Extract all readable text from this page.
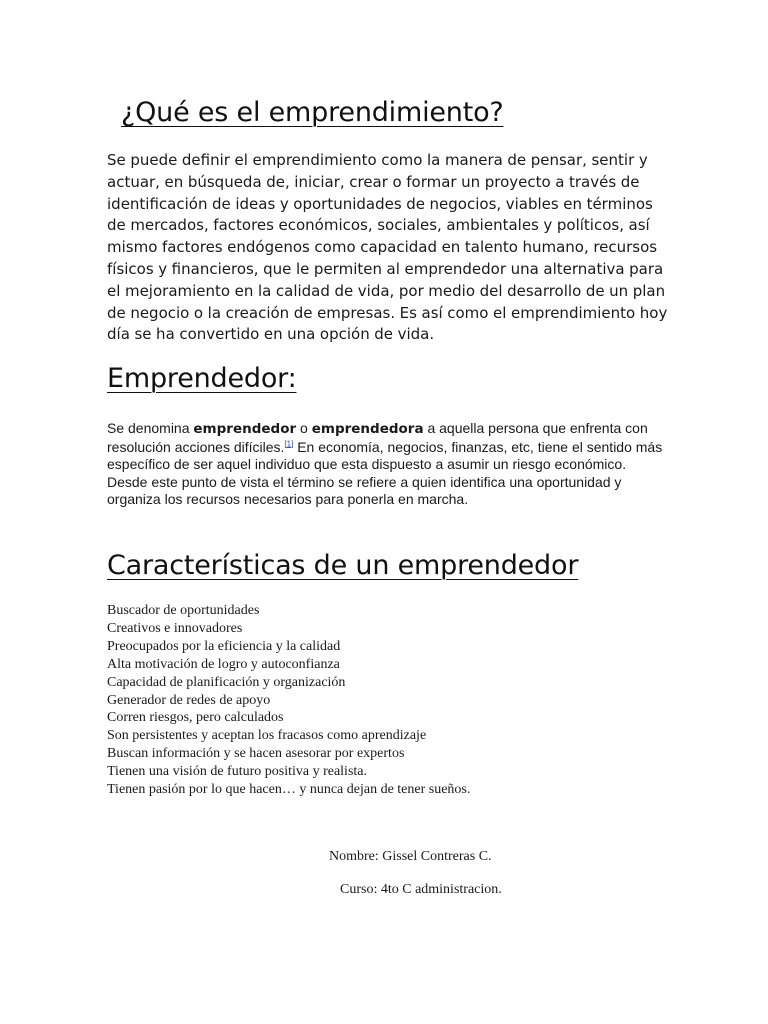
¿Qué es el emprendimiento?

Se puede definir el emprendimiento como la manera de pensar, sentir y actuar, en búsqueda de, iniciar, crear o formar un proyecto a través de identificación de ideas y oportunidades de negocios, viables en términos de mercados, factores económicos, sociales, ambientales y políticos, así mismo factores endógenos como capacidad en talento humano, recursos físicos y financieros, que le permiten al emprendedor una alternativa para el mejoramiento en la calidad de vida, por medio del desarrollo de un plan de negocio o la creación de empresas. Es así como el emprendimiento hoy día se ha convertido en una opción de vida.

Emprendedor:

Se denomina emprendedor o emprendedora a aquella persona que enfrenta con resolución acciones difíciles.[1] En economía, negocios, finanzas, etc, tiene el sentido más específico de ser aquel individuo que esta dispuesto a asumir un riesgo económico. Desde este punto de vista el término se refiere a quien identifica una oportunidad y organiza los recursos necesarios para ponerla en marcha.

Características de un emprendedor
Buscador de oportunidades
Creativos e innovadores
Preocupados por la eficiencia y la calidad
Alta motivación de logro y autoconfianza
Capacidad de planificación y organización
Generador de redes de apoyo
Corren riesgos, pero calculados
Son persistentes y aceptan los fracasos como aprendizaje
Buscan información y se hacen asesorar por expertos
Tienen una visión de futuro positiva y realista.
Tienen pasión por lo que hacen… y nunca dejan de tener sueños.

Nombre: Gissel Contreras C.

Curso: 4to C administracion.
